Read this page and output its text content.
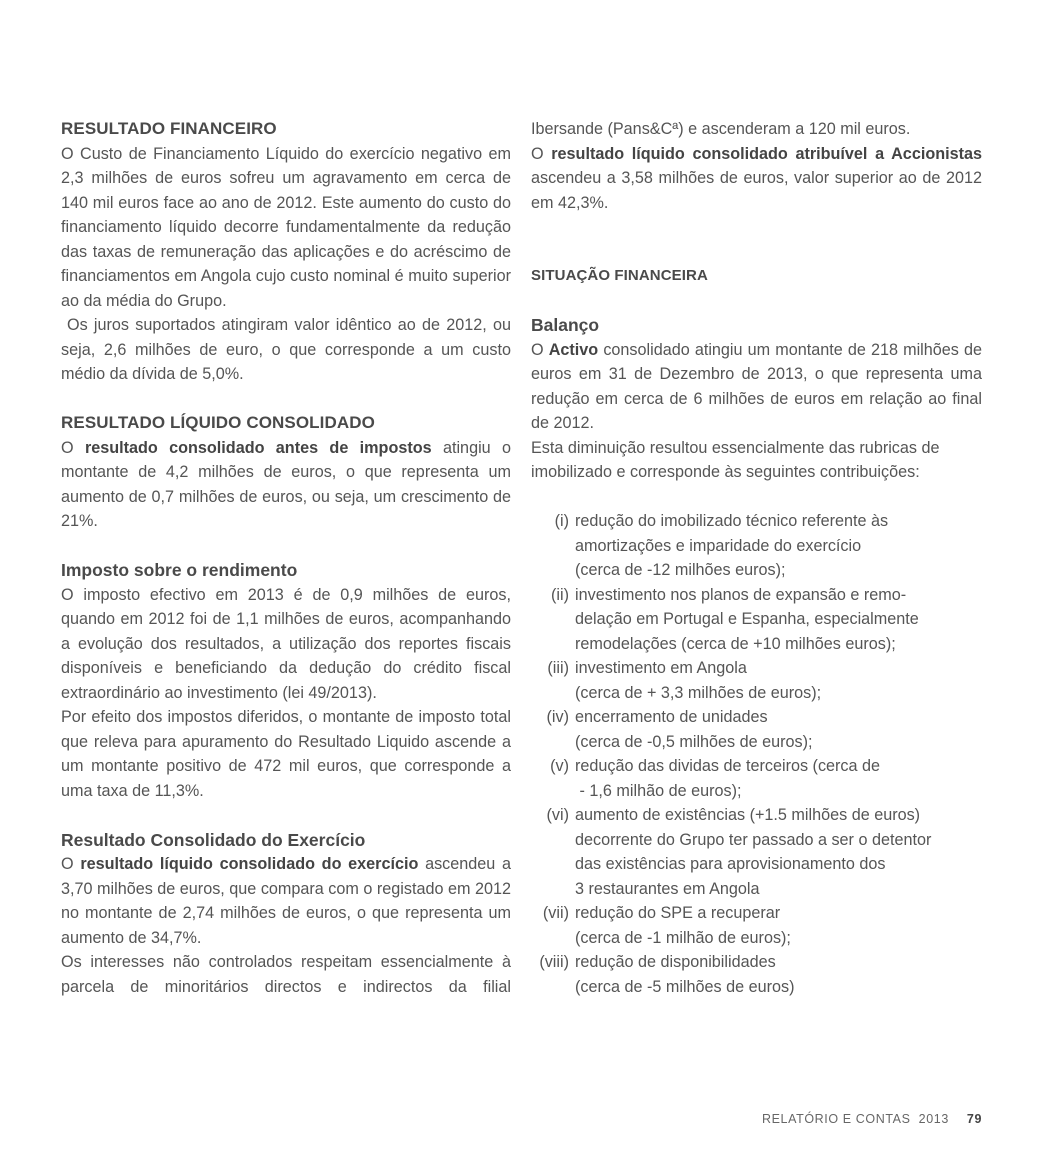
RESULTADO FINANCEIRO

O Custo de Financiamento Líquido do exercício negativo em 2,3 milhões de euros sofreu um agravamento em cerca de 140 mil euros face ao ano de 2012. Este aumento do custo do financiamento líquido decorre fundamentalmente da redução das taxas de remuneração das aplicações e do acréscimo de financiamentos em Angola cujo custo nominal é muito superior ao da média do Grupo.

Os juros suportados atingiram valor idêntico ao de 2012, ou seja, 2,6 milhões de euro, o que corresponde a um custo médio da dívida de 5,0%.

RESULTADO LÍQUIDO CONSOLIDADO

O resultado consolidado antes de impostos atingiu o montante de 4,2 milhões de euros, o que representa um aumento de 0,7 milhões de euros, ou seja, um crescimento de 21%.

Imposto sobre o rendimento

O imposto efectivo em 2013 é de 0,9 milhões de euros, quando em 2012 foi de 1,1 milhões de euros, acompanhando a evolução dos resultados, a utilização dos reportes fiscais disponíveis e beneficiando da dedução do crédito fiscal extraordinário ao investimento (lei 49/2013).

Por efeito dos impostos diferidos, o montante de imposto total que releva para apuramento do Resultado Liquido ascende a um montante positivo de 472 mil euros, que corresponde a uma taxa de 11,3%.

Resultado Consolidado do Exercício

O resultado líquido consolidado do exercício ascendeu a 3,70 milhões de euros, que compara com o registado em 2012 no montante de 2,74 milhões de euros, o que representa um aumento de 34,7%.

Os interesses não controlados respeitam essencialmente à parcela de minoritários directos e indirectos da filial

Ibersande (Pans&Cª) e ascenderam a 120 mil euros.

O resultado líquido consolidado atribuível a Accionistas ascendeu a 3,58 milhões de euros, valor superior ao de 2012 em 42,3%.

SITUAÇÃO FINANCEIRA
Balanço

O Activo consolidado atingiu um montante de 218 milhões de euros em 31 de Dezembro de 2013, o que representa uma redução em cerca de 6 milhões de euros em relação ao final de 2012.

Esta diminuição resultou essencialmente das rubricas de imobilizado e corresponde às seguintes contribuições:

(i) redução do imobilizado técnico referente às
amortizações e imparidade do exercício
(cerca de -12 milhões euros);
(ii) investimento nos planos de expansão e remo-
delação em Portugal e Espanha, especialmente
remodelações (cerca de +10 milhões euros);
(iii) investimento em Angola
(cerca de + 3,3 milhões de euros);
(iv) encerramento de unidades
(cerca de -0,5 milhões de euros);
(v) redução das dividas de terceiros (cerca de
- 1,6 milhão de euros);
(vi) aumento de existências (+1.5 milhões de euros)
decorrente do Grupo ter passado a ser o detentor
das existências para aprovisionamento dos
3 restaurantes em Angola
(vii) redução do SPE a recuperar
(cerca de -1 milhão de euros);
(viii) redução de disponibilidades
(cerca de -5 milhões de euros)
RELATÓRIO E CONTAS  2013 79
